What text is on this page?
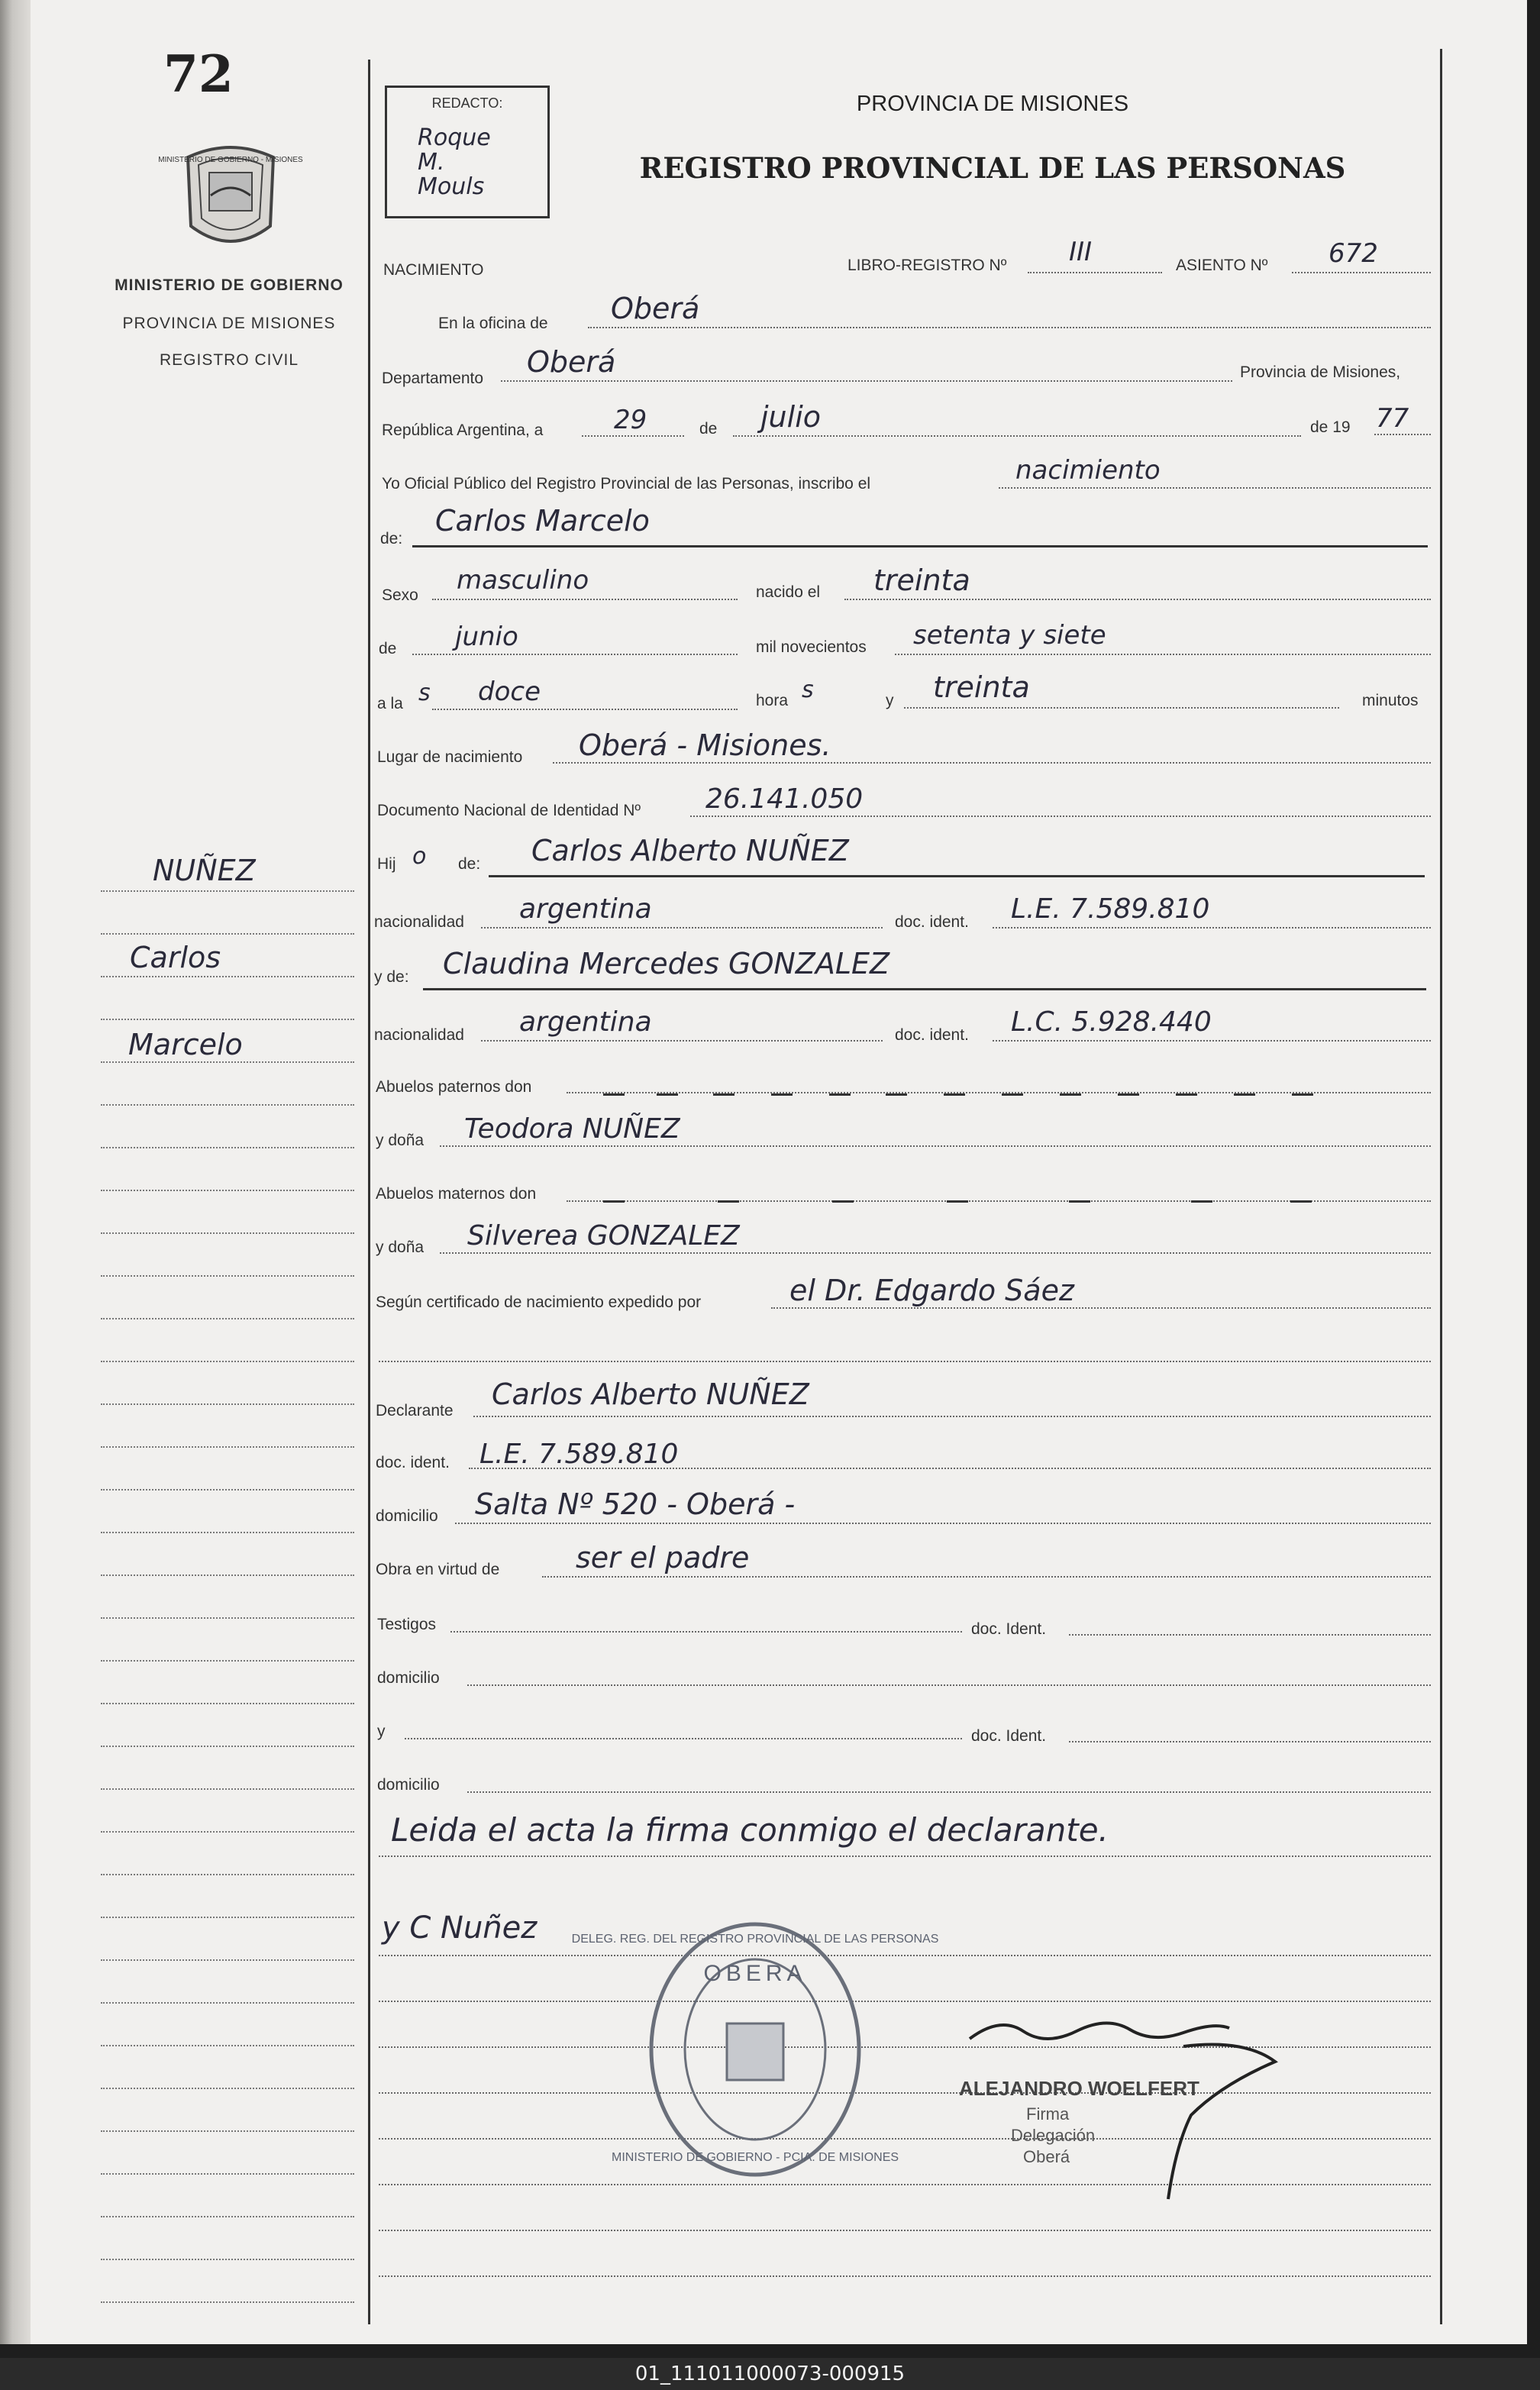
72
MINISTERIO DE GOBIERNO - MISIONES
MINISTERIO DE GOBIERNO
PROVINCIA DE MISIONES
REGISTRO CIVIL
NUÑEZ
Carlos
Marcelo
REDACTO:
Roque
M.
Mouls
PROVINCIA DE MISIONES
REGISTRO PROVINCIAL DE LAS PERSONAS
NACIMIENTO	LIBRO-REGISTRO Nº III	ASIENTO Nº 672
En la oficina de Oberá
Departamento Oberá	Provincia de Misiones,
República Argentina, a	29	de julio	de 19 77
Yo Oficial Público del Registro Provincial de las Personas, inscribo el	nacimiento
de:
Carlos Marcelo
Sexo masculino	nacido el treinta
de junio	mil novecientos setenta y siete
a la s doce	hora s	y treinta	minutos
Lugar de nacimiento Oberá - Misiones.
Documento Nacional de Identidad Nº 26.141.050
Hij o de: Carlos Alberto NUÑEZ
nacionalidad argentina	doc. ident. L.E. 7.589.810
y de: Claudina Mercedes GONZALEZ
nacionalidad argentina	doc. ident. L.C. 5.928.440
Abuelos paternos don
y doña Teodora NUÑEZ
Abuelos maternos don
y doña Silverea GONZALEZ
Según certificado de nacimiento expedido por	el Dr. Edgardo Sáez
Declarante Carlos Alberto NUÑEZ
doc. ident. L.E. 7.589.810
domicilio Salta Nº 520 - Oberá -
Obra en virtud de	ser el padre
Testigos	doc. Ident.
domicilio
y	doc. Ident.
domicilio
Leida el acta la firma conmigo el declarante.
y C Nuñez	DELEG. REG. DEL REGISTRO PROVINCIAL DE LAS PERSONAS
OBERA
MINISTERIO DE GOBIERNO - PCIA. DE MISIONES
Alejandro
ALEJANDRO WOELFERT
Firma
Delegación
Oberá
01_111011000073-000915
